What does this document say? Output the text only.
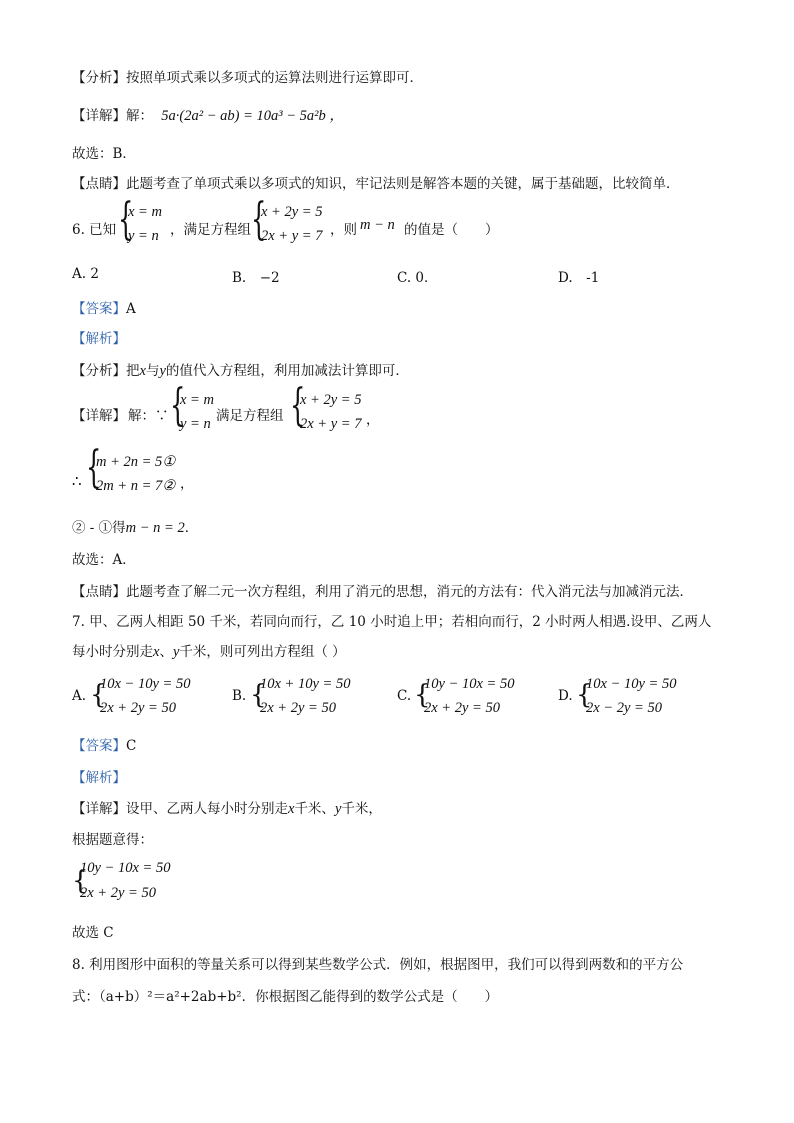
【分析】按照单项式乘以多项式的运算法则进行运算即可．
【详解】解： 5a·(2a² − ab) = 10a³ − 5a²b ，
故选：B．
【点睛】此题考查了单项式乘以多项式的知识，牢记法则是解答本题的关键，属于基础题，比较简单．
6. 已知 {
x = m
y = n ，满足方程组 {
x + 2y = 5
2x + y = 7 ，则 m − n 的值是（　　）
A. 2	B.　−2	C. 0．	D.　-1
【答案】A
【解析】
【分析】把x与y的值代入方程组，利用加减法计算即可．
【详解】 解：∵ {
x = m
y = n 满足方程组 {
x + 2y = 5
2x + y = 7 ，
∴ {
m + 2n = 5①
2m + n = 7② ，
② - ①得m − n = 2．
故选：A．
【点睛】此题考查了解二元一次方程组，利用了消元的思想，消元的方法有：代入消元法与加减消元法．
7. 甲、乙两人相距 50 千米，若同向而行，乙 10 小时追上甲；若相向而行，2 小时两人相遇.设甲、乙两人
每小时分别走x、y千米，则可列出方程组（ ）
A. {
10x − 10y = 50
2x + 2y = 50
B. {
10x + 10y = 50
2x + 2y = 50
C. {
10y − 10x = 50
2x + 2y = 50
D. {
10x − 10y = 50
2x − 2y = 50
【答案】C
【解析】
【详解】设甲、乙两人每小时分别走x千米、y千米，
根据题意得：
{
10y − 10x = 50
2x + 2y = 50
故选 C
8. 利用图形中面积的等量关系可以得到某些数学公式．例如，根据图甲，我们可以得到两数和的平方公
式：（a+b）²＝a²+2ab+b²．你根据图乙能得到的数学公式是（　　）
